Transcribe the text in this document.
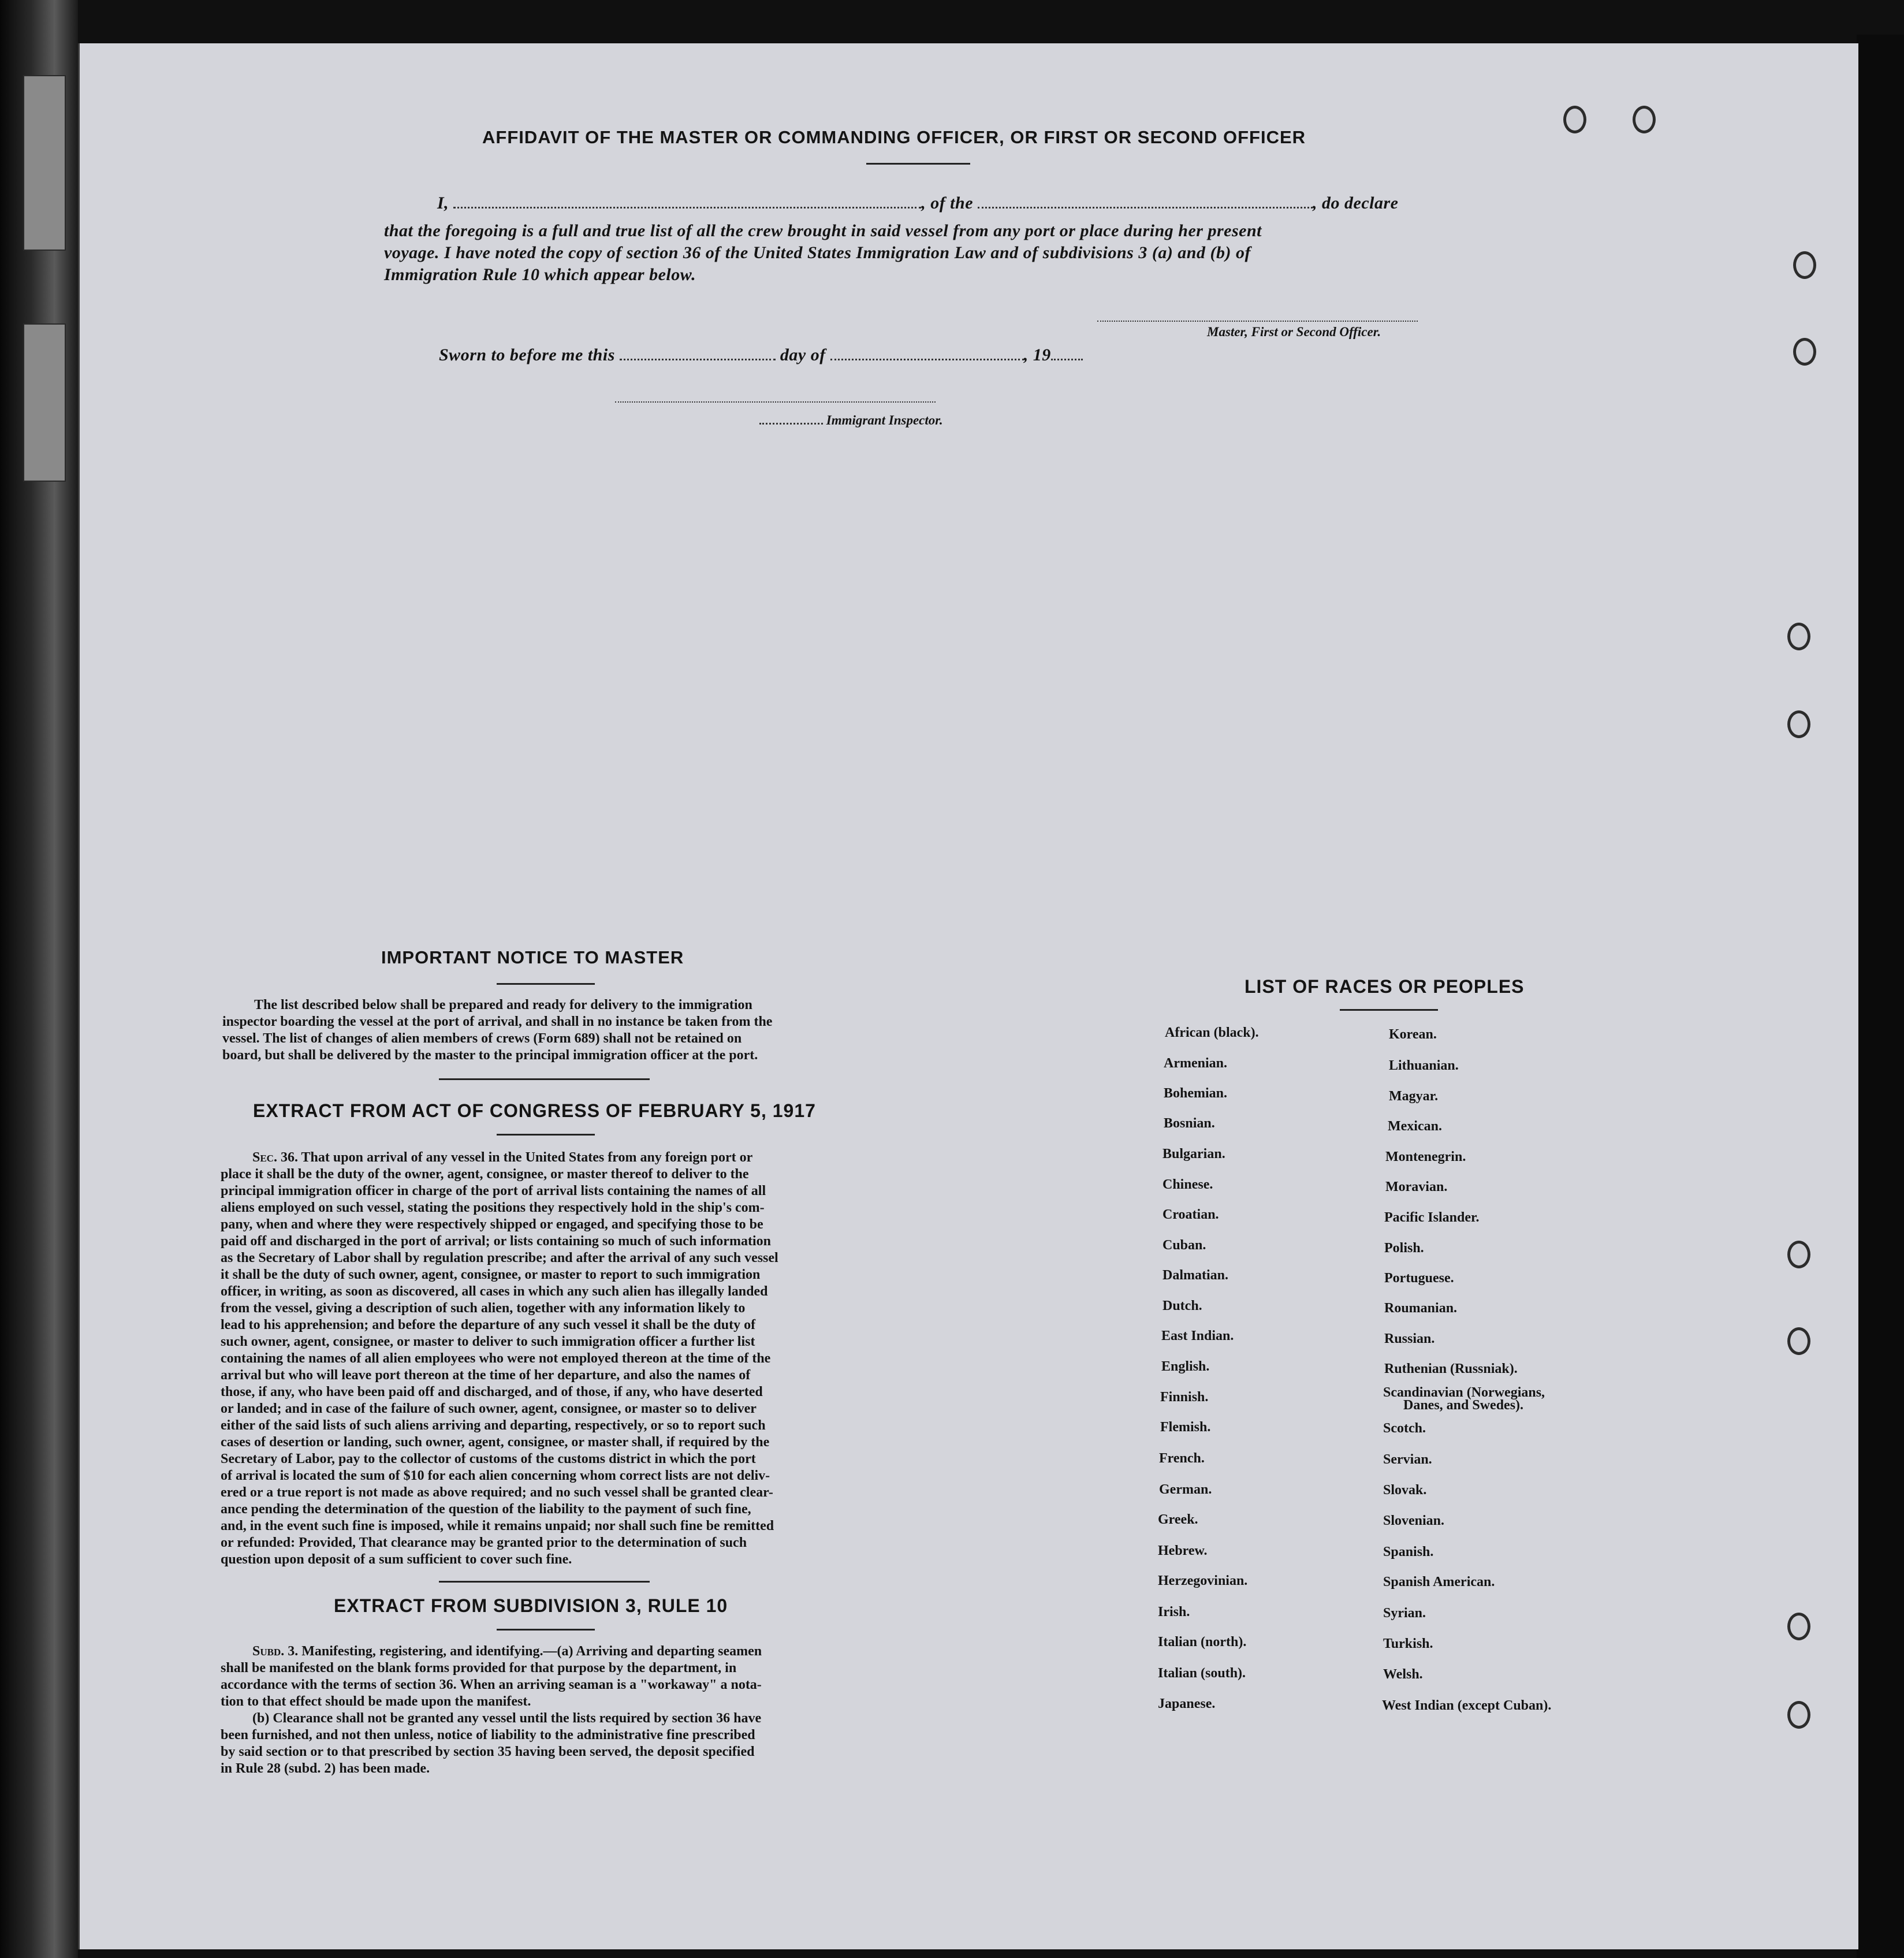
AFFIDAVIT OF THE MASTER OR COMMANDING OFFICER, OR FIRST OR SECOND OFFICER
I,	, of the	, do declare
that the foregoing is a full and true list of all the crew brought in said vessel from any port or place during her present
voyage. I have noted the copy of section 36 of the United States Immigration Law and of subdivisions 3 (a) and (b) of
Immigration Rule 10 which appear below.
Master, First or Second Officer.
Sworn to before me this	day of	, 19
Immigrant Inspector.
IMPORTANT NOTICE TO MASTER
The list described below shall be prepared and ready for delivery to the immigration
inspector boarding the vessel at the port of arrival, and shall in no instance be taken from the
vessel. The list of changes of alien members of crews (Form 689) shall not be retained on
board, but shall be delivered by the master to the principal immigration officer at the port.
EXTRACT FROM ACT OF CONGRESS OF FEBRUARY 5, 1917
Sec. 36. That upon arrival of any vessel in the United States from any foreign port or
place it shall be the duty of the owner, agent, consignee, or master thereof to deliver to the
principal immigration officer in charge of the port of arrival lists containing the names of all
aliens employed on such vessel, stating the positions they respectively hold in the ship's com-
pany, when and where they were respectively shipped or engaged, and specifying those to be
paid off and discharged in the port of arrival; or lists containing so much of such information
as the Secretary of Labor shall by regulation prescribe; and after the arrival of any such vessel
it shall be the duty of such owner, agent, consignee, or master to report to such immigration
officer, in writing, as soon as discovered, all cases in which any such alien has illegally landed
from the vessel, giving a description of such alien, together with any information likely to
lead to his apprehension; and before the departure of any such vessel it shall be the duty of
such owner, agent, consignee, or master to deliver to such immigration officer a further list
containing the names of all alien employees who were not employed thereon at the time of the
arrival but who will leave port thereon at the time of her departure, and also the names of
those, if any, who have been paid off and discharged, and of those, if any, who have deserted
or landed; and in case of the failure of such owner, agent, consignee, or master so to deliver
either of the said lists of such aliens arriving and departing, respectively, or so to report such
cases of desertion or landing, such owner, agent, consignee, or master shall, if required by the
Secretary of Labor, pay to the collector of customs of the customs district in which the port
of arrival is located the sum of $10 for each alien concerning whom correct lists are not deliv-
ered or a true report is not made as above required; and no such vessel shall be granted clear-
ance pending the determination of the question of the liability to the payment of such fine,
and, in the event such fine is imposed, while it remains unpaid; nor shall such fine be remitted
or refunded: Provided, That clearance may be granted prior to the determination of such
question upon deposit of a sum sufficient to cover such fine.
EXTRACT FROM SUBDIVISION 3, RULE 10
Subd. 3. Manifesting, registering, and identifying.—(a) Arriving and departing seamen
shall be manifested on the blank forms provided for that purpose by the department, in
accordance with the terms of section 36. When an arriving seaman is a "workaway" a nota-
tion to that effect should be made upon the manifest.
(b) Clearance shall not be granted any vessel until the lists required by section 36 have
been furnished, and not then unless, notice of liability to the administrative fine prescribed
by said section or to that prescribed by section 35 having been served, the deposit specified
in Rule 28 (subd. 2) has been made.
LIST OF RACES OR PEOPLES
African (black).
Armenian.
Bohemian.
Bosnian.
Bulgarian.
Chinese.
Croatian.
Cuban.
Dalmatian.
Dutch.
East Indian.
English.
Finnish.
Flemish.
French.
German.
Greek.
Hebrew.
Herzegovinian.
Irish.
Italian (north).
Italian (south).
Japanese.
Korean.
Lithuanian.
Magyar.
Mexican.
Montenegrin.
Moravian.
Pacific Islander.
Polish.
Portuguese.
Roumanian.
Russian.
Ruthenian (Russniak).
Scandinavian (Norwegians,
Danes, and Swedes).
Scotch.
Servian.
Slovak.
Slovenian.
Spanish.
Spanish American.
Syrian.
Turkish.
Welsh.
West Indian (except Cuban).
